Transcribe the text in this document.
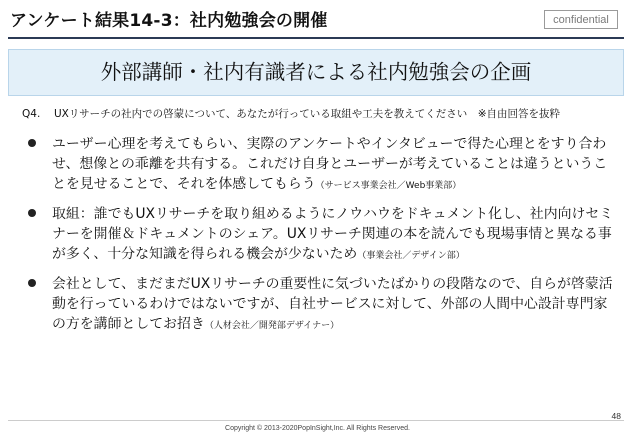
アンケート結果14-3：社内勉強会の開催	confidential
外部講師・社内有識者による社内勉強会の企画
Q4. UXリサーチの社内での啓蒙について、あなたが行っている取組や工夫を教えてください　※自由回答を抜粋
ユーザー心理を考えてもらい、実際のアンケートやインタビューで得た心理とをすり合わせ、想像との乖離を共有する。これだけ自身とユーザーが考えていることは違うということを見せることで、それを体感してもらう（サービス事業会社／Web事業部）
取組：誰でもUXリサーチを取り組めるようにノウハウをドキュメント化し、社内向けセミナーを開催＆ドキュメントのシェア。UXリサーチ関連の本を読んでも現場事情と異なる事が多く、十分な知識を得られる機会が少ないため（事業会社／デザイン部）
会社として、まだまだUXリサーチの重要性に気づいたばかりの段階なので、自らが啓蒙活動を行っているわけではないですが、自社サービスに対して、外部の人間中心設計専門家の方を講師としてお招き（人材会社／開発部デザイナー）
Copyright © 2013-2020PopInSight,Inc. All Rights Reserved.
48
